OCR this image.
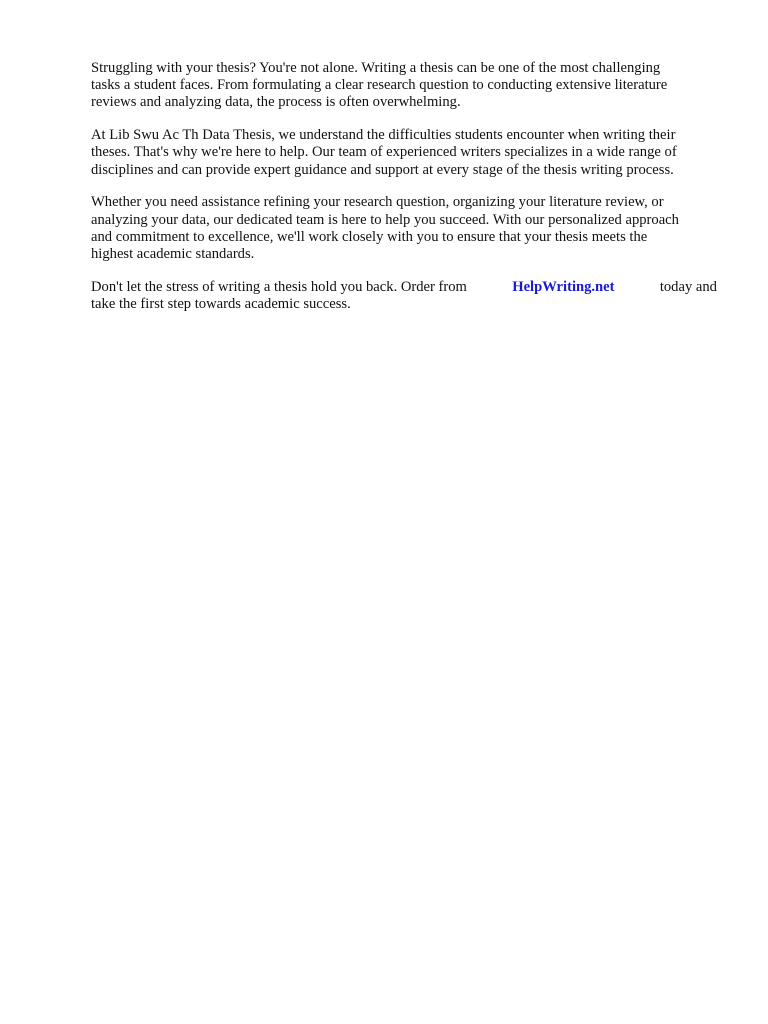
Struggling with your thesis? You're not alone. Writing a thesis can be one of the most challenging
tasks a student faces. From formulating a clear research question to conducting extensive literature
reviews and analyzing data, the process is often overwhelming.

At Lib Swu Ac Th Data Thesis, we understand the difficulties students encounter when writing their
theses. That's why we're here to help. Our team of experienced writers specializes in a wide range of
disciplines and can provide expert guidance and support at every stage of the thesis writing process.

Whether you need assistance refining your research question, organizing your literature review, or
analyzing your data, our dedicated team is here to help you succeed. With our personalized approach
and commitment to excellence, we'll work closely with you to ensure that your thesis meets the
highest academic standards.

Don't let the stress of writing a thesis hold you back. Order from	HelpWriting.net	today and
take the first step towards academic success.
